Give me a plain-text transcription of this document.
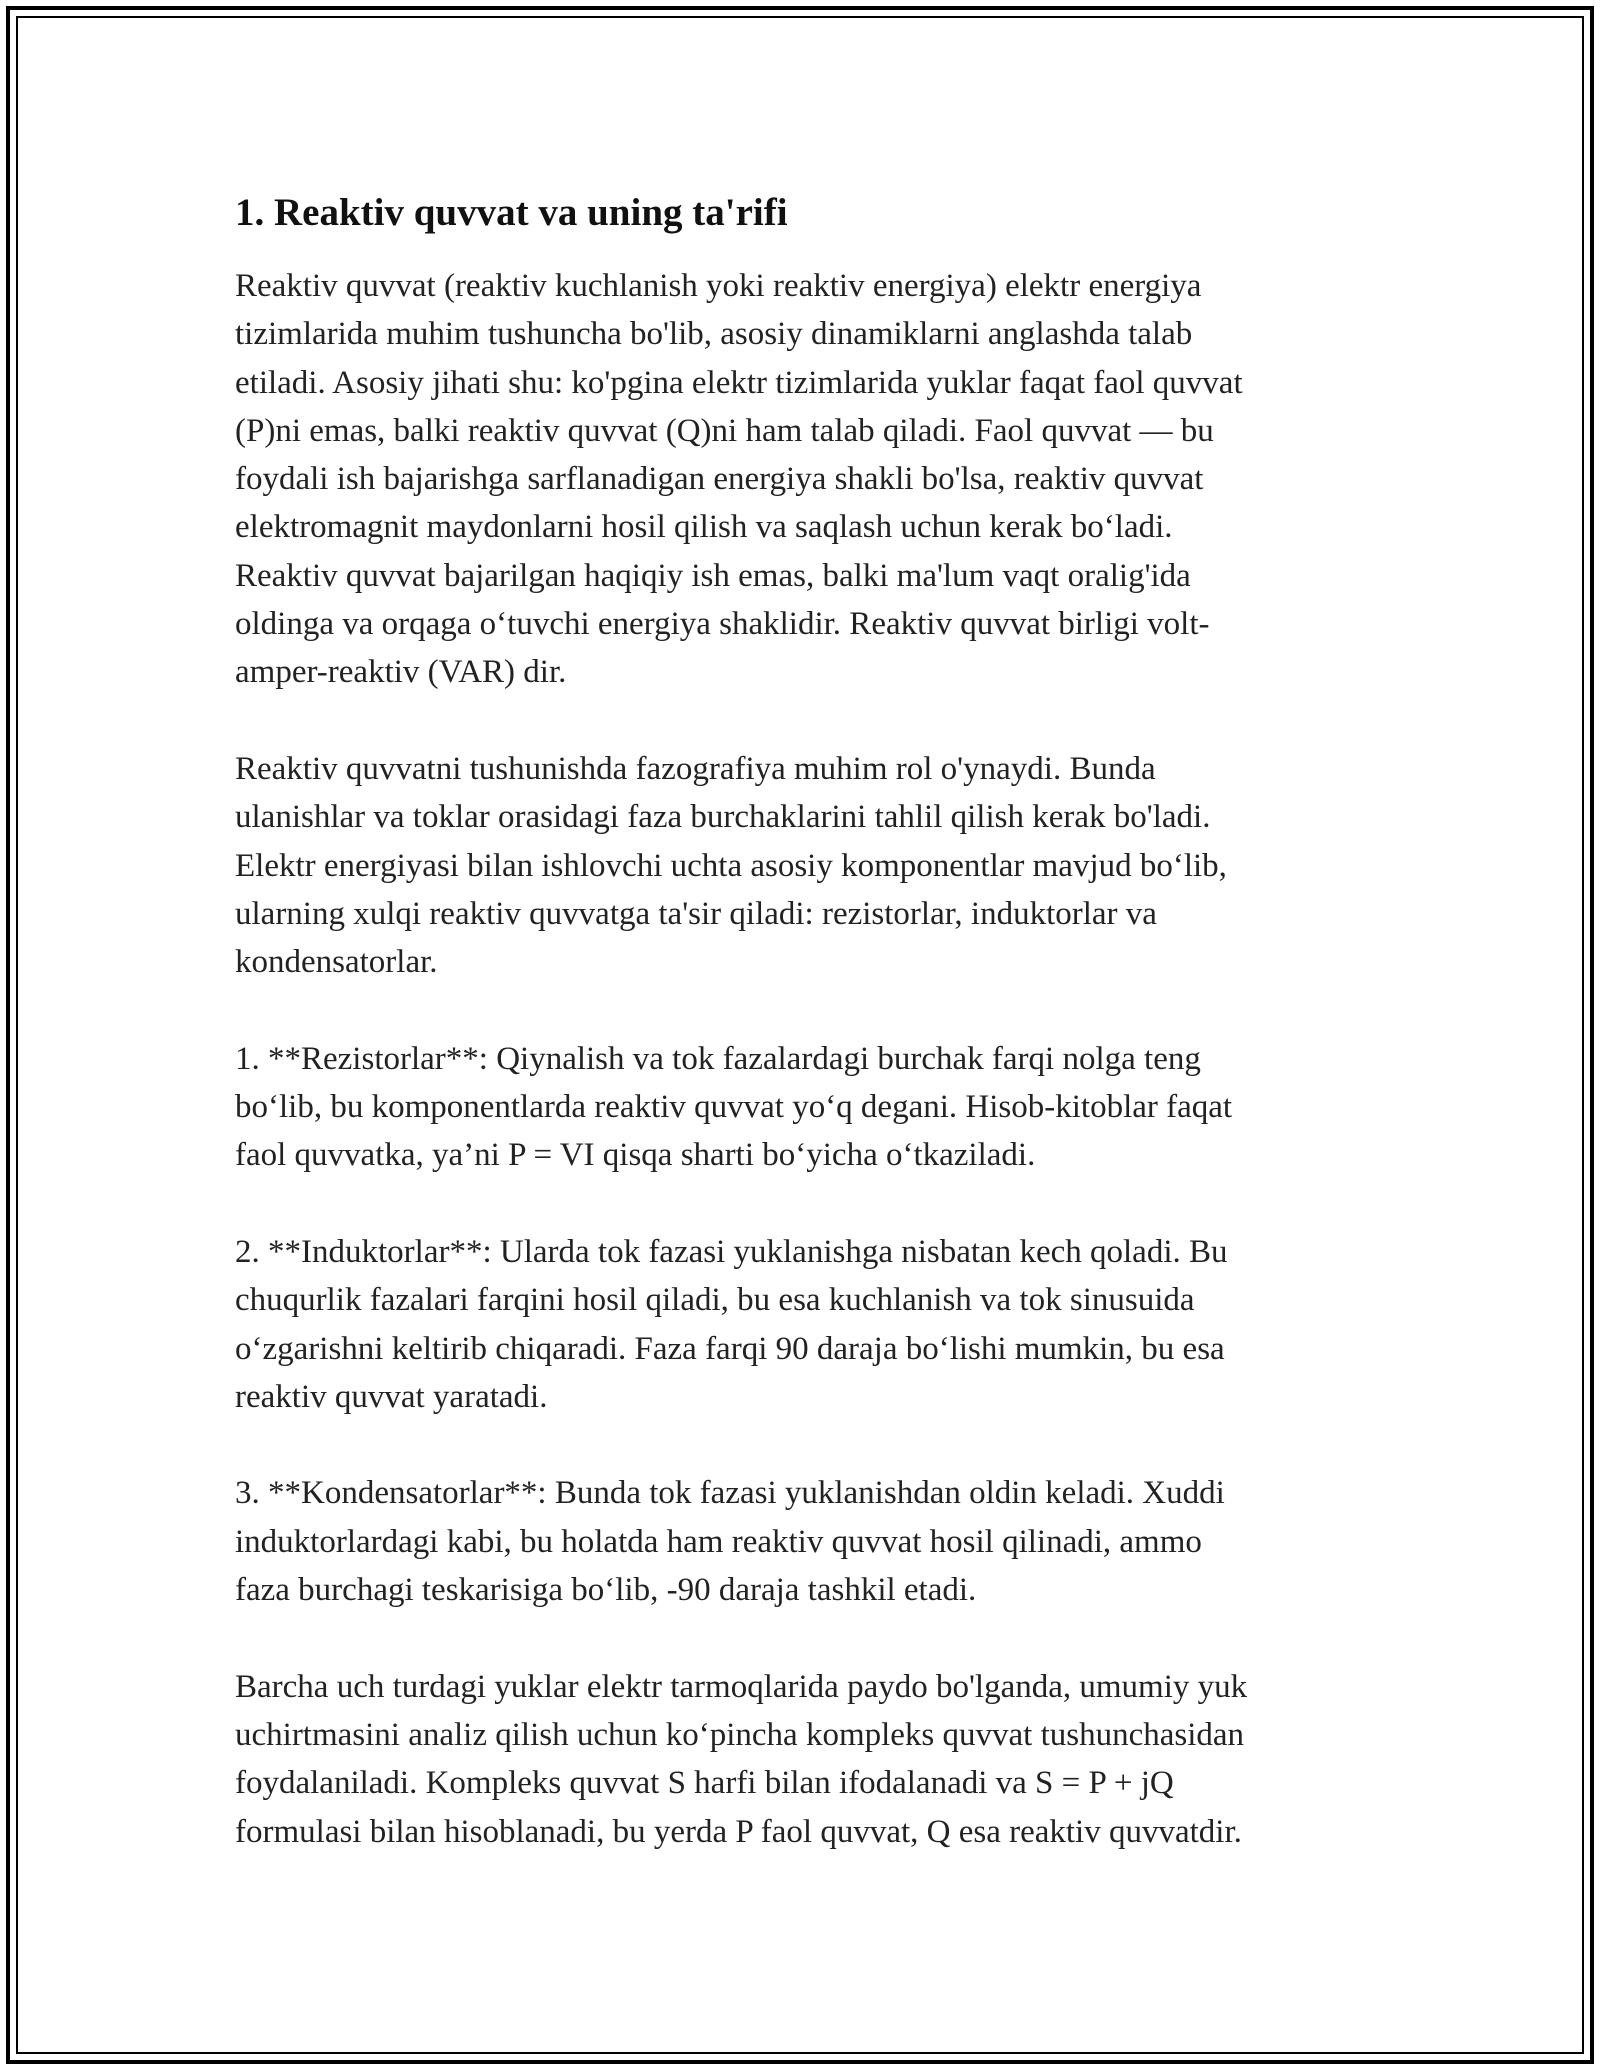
1. Reaktiv quvvat va uning ta'rifi

Reaktiv quvvat (reaktiv kuchlanish yoki reaktiv energiya) elektr energiya
tizimlarida muhim tushuncha bo'lib, asosiy dinamiklarni anglashda talab
etiladi. Asosiy jihati shu: ko'pgina elektr tizimlarida yuklar faqat faol quvvat
(P)ni emas, balki reaktiv quvvat (Q)ni ham talab qiladi. Faol quvvat — bu
foydali ish bajarishga sarflanadigan energiya shakli bo'lsa, reaktiv quvvat
elektromagnit maydonlarni hosil qilish va saqlash uchun kerak bo‘ladi.
Reaktiv quvvat bajarilgan haqiqiy ish emas, balki ma'lum vaqt oralig'ida
oldinga va orqaga o‘tuvchi energiya shaklidir. Reaktiv quvvat birligi volt-
amper-reaktiv (VAR) dir.

Reaktiv quvvatni tushunishda fazografiya muhim rol o'ynaydi. Bunda
ulanishlar va toklar orasidagi faza burchaklarini tahlil qilish kerak bo'ladi.
Elektr energiyasi bilan ishlovchi uchta asosiy komponentlar mavjud bo‘lib,
ularning xulqi reaktiv quvvatga ta'sir qiladi: rezistorlar, induktorlar va
kondensatorlar.

1. **Rezistorlar**: Qiynalish va tok fazalardagi burchak farqi nolga teng
bo‘lib, bu komponentlarda reaktiv quvvat yo‘q degani. Hisob-kitoblar faqat
faol quvvatka, ya’ni P = VI qisqa sharti bo‘yicha o‘tkaziladi.

2. **Induktorlar**: Ularda tok fazasi yuklanishga nisbatan kech qoladi. Bu
chuqurlik fazalari farqini hosil qiladi, bu esa kuchlanish va tok sinusuida
o‘zgarishni keltirib chiqaradi. Faza farqi 90 daraja bo‘lishi mumkin, bu esa
reaktiv quvvat yaratadi.

3. **Kondensatorlar**: Bunda tok fazasi yuklanishdan oldin keladi. Xuddi
induktorlardagi kabi, bu holatda ham reaktiv quvvat hosil qilinadi, ammo
faza burchagi teskarisiga bo‘lib, -90 daraja tashkil etadi.

Barcha uch turdagi yuklar elektr tarmoqlarida paydo bo'lganda, umumiy yuk
uchirtmasini analiz qilish uchun ko‘pincha kompleks quvvat tushunchasidan
foydalaniladi. Kompleks quvvat S harfi bilan ifodalanadi va S = P + jQ
formulasi bilan hisoblanadi, bu yerda P faol quvvat, Q esa reaktiv quvvatdir.
